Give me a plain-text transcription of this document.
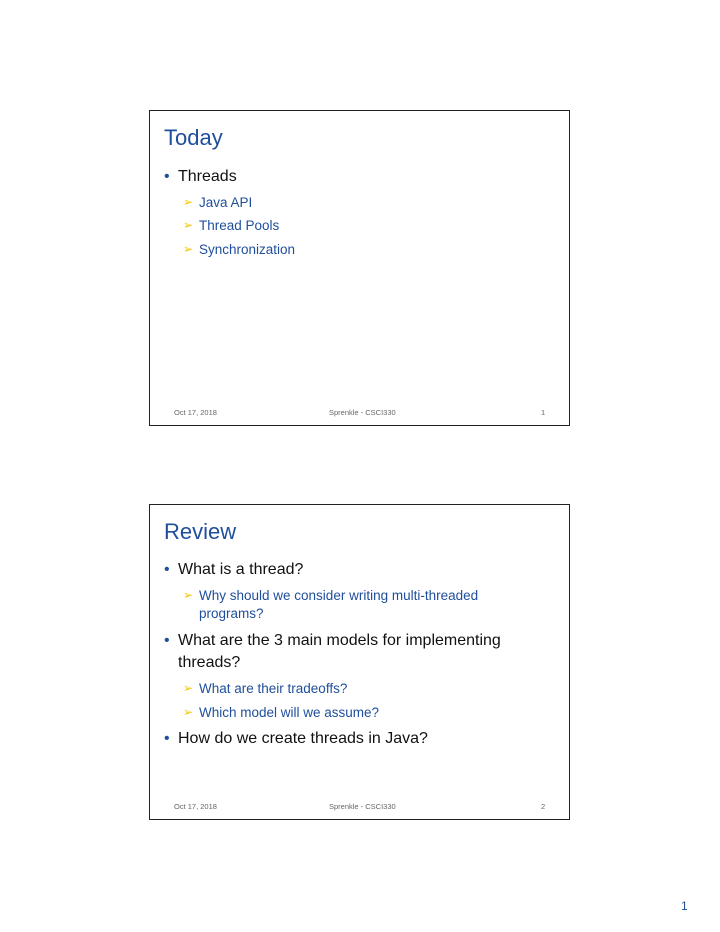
Today
• Threads
➢ Java API
➢ Thread Pools
➢ Synchronization
Oct 17, 2018	Sprenkle - CSCI330	1
Review
• What is a thread?
➢ Why should we consider writing multi-threaded
programs?
• What are the 3 main models for implementing
threads?
➢ What are their tradeoffs?
➢ Which model will we assume?
• How do we create threads in Java?
Oct 17, 2018	Sprenkle - CSCI330	2
1
